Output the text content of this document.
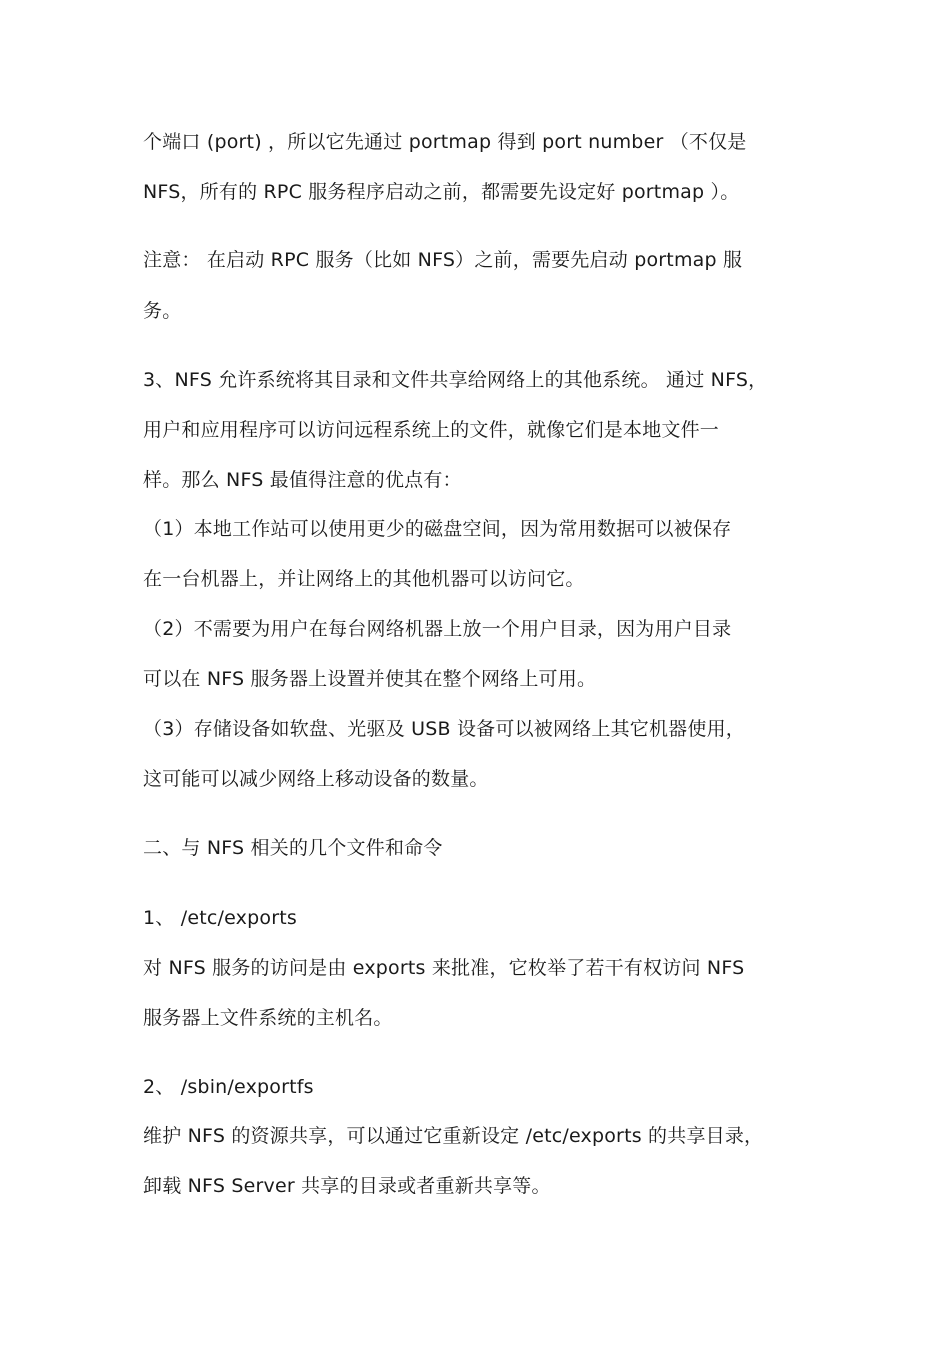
个端口 (port) ，所以它先通过 portmap 得到 port number （不仅是
NFS，所有的 RPC 服务程序启动之前，都需要先设定好 portmap ）。
注意： 在启动 RPC 服务（比如 NFS）之前，需要先启动 portmap 服
务。
3、NFS 允许系统将其目录和文件共享给网络上的其他系统。 通过 NFS，
用户和应用程序可以访问远程系统上的文件，就像它们是本地文件一
样。那么 NFS 最值得注意的优点有：
（1）本地工作站可以使用更少的磁盘空间，因为常用数据可以被保存
在一台机器上，并让网络上的其他机器可以访问它。
（2）不需要为用户在每台网络机器上放一个用户目录，因为用户目录
可以在 NFS 服务器上设置并使其在整个网络上可用。
（3）存储设备如软盘、光驱及 USB 设备可以被网络上其它机器使用，
这可能可以减少网络上移动设备的数量。
二、与 NFS 相关的几个文件和命令
1、 /etc/exports
对 NFS 服务的访问是由 exports 来批准，它枚举了若干有权访问 NFS
服务器上文件系统的主机名。
2、 /sbin/exportfs
维护 NFS 的资源共享，可以通过它重新设定 /etc/exports 的共享目录，
卸载 NFS Server 共享的目录或者重新共享等。
